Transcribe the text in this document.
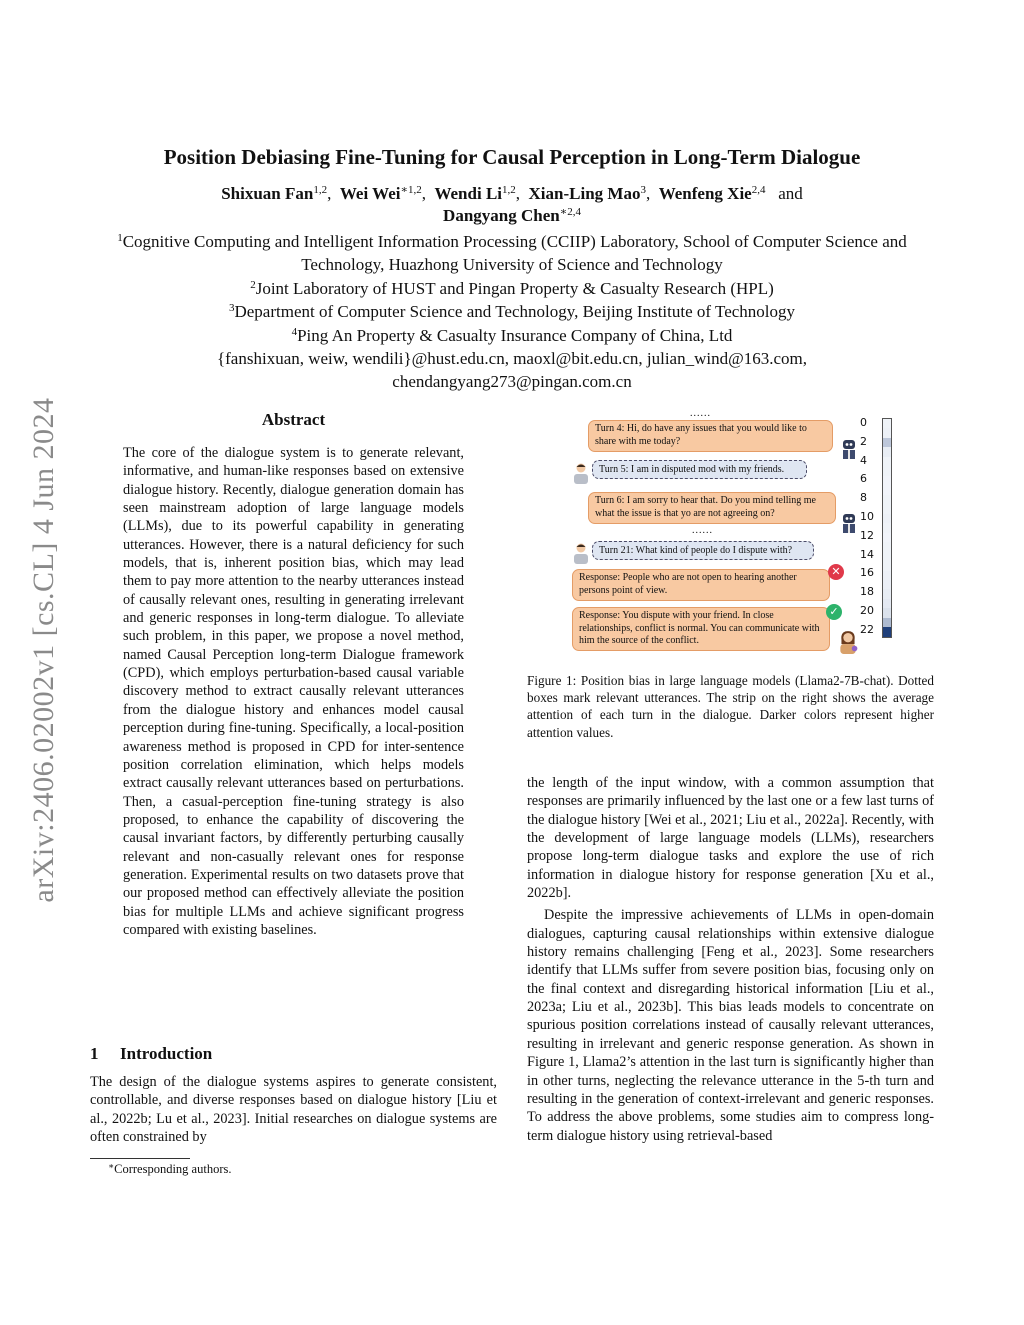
arXiv:2406.02002v1 [cs.CL] 4 Jun 2024
Position Debiasing Fine-Tuning for Causal Perception in Long-Term Dialogue
Shixuan Fan$^{1,2}$,  Wei Wei$^{∗1,2}$,  Wendi Li$^{1,2}$,  Xian-Ling Mao$^3$,  Wenfeng Xie$^{2,4}$ and
Dangyang Chen$^{∗2,4}$
$^1$Cognitive Computing and Intelligent Information Processing (CCIIP) Laboratory, School of Computer Science and Technology, Huazhong University of Science and Technology
$^2$Joint Laboratory of HUST and Pingan Property & Casualty Research (HPL)
$^3$Department of Computer Science and Technology, Beijing Institute of Technology
$^4$Ping An Property & Casualty Insurance Company of China, Ltd
{fanshixuan, weiw, wendili}@hust.edu.cn, maoxl@bit.edu.cn, julian_wind@163.com,
chendangyang273@pingan.com.cn
Abstract
The core of the dialogue system is to generate relevant, informative, and human-like responses based on extensive dialogue history. Recently, dialogue generation domain has seen mainstream adoption of large language models (LLMs), due to its powerful capability in generating utterances. However, there is a natural deficiency for such models, that is, inherent position bias, which may lead them to pay more attention to the nearby utterances instead of causally relevant ones, resulting in generating irrelevant and generic responses in long-term dialogue. To alleviate such problem, in this paper, we propose a novel method, named Causal Perception long-term Dialogue framework (CPD), which employs perturbation-based causal variable discovery method to extract causally relevant utterances from the dialogue history and enhances model causal perception during fine-tuning. Specifically, a local-position awareness method is proposed in CPD for inter-sentence position correlation elimination, which helps models extract causally relevant utterances based on perturbations. Then, a casual-perception fine-tuning strategy is also proposed, to enhance the capability of discovering the causal invariant factors, by differently perturbing causally relevant and non-casually relevant ones for response generation. Experimental results on two datasets prove that our proposed method can effectively alleviate the position bias for multiple LLMs and achieve significant progress compared with existing baselines.
1 Introduction
The design of the dialogue systems aspires to generate consistent, controllable, and diverse responses based on dialogue history [Liu et al., 2022b; Lu et al., 2023]. Initial researches on dialogue systems are often constrained by
∗Corresponding authors.
......
Turn 4: Hi, do have any issues that you would like to share with me today?
Turn 5: I am in disputed mod with my friends.
Turn 6: I am sorry to hear that. Do you mind telling me what the issue is that yo are not agreeing on?
......
Turn 21: What kind of people do I dispute with?
Response: People who are not open to hearing another persons point of view.
✕
Response: You dispute with your friend. In close relationships, conflict is normal. You can communicate with him the source of the conflict.
✓
0
2
4
6
8
10
12
14
16
18
20
22
Figure 1: Position bias in large language models (Llama2-7B-chat). Dotted boxes mark relevant utterances. The strip on the right shows the average attention of each turn in the dialogue. Darker colors represent higher attention values.

the length of the input window, with a common assumption that responses are primarily influenced by the last one or a few last turns of the dialogue history [Wei et al., 2021; Liu et al., 2022a]. Recently, with the development of large language models (LLMs), researchers propose long-term dialogue tasks and explore the use of rich information in dialogue history for response generation [Xu et al., 2022b].

Despite the impressive achievements of LLMs in open-domain dialogues, capturing causal relationships within extensive dialogue history remains challenging [Feng et al., 2023]. Some researchers identify that LLMs suffer from severe position bias, focusing only on the final context and disregarding historical information [Liu et al., 2023a; Liu et al., 2023b]. This bias leads models to concentrate on spurious position correlations instead of causally relevant utterances, resulting in irrelevant and generic response generation. As shown in Figure 1, Llama2’s attention in the last turn is significantly higher than in other turns, neglecting the relevance utterance in the 5-th turn and resulting in the generation of context-irrelevant and generic responses. To address the above problems, some studies aim to compress long-term dialogue history using retrieval-based
